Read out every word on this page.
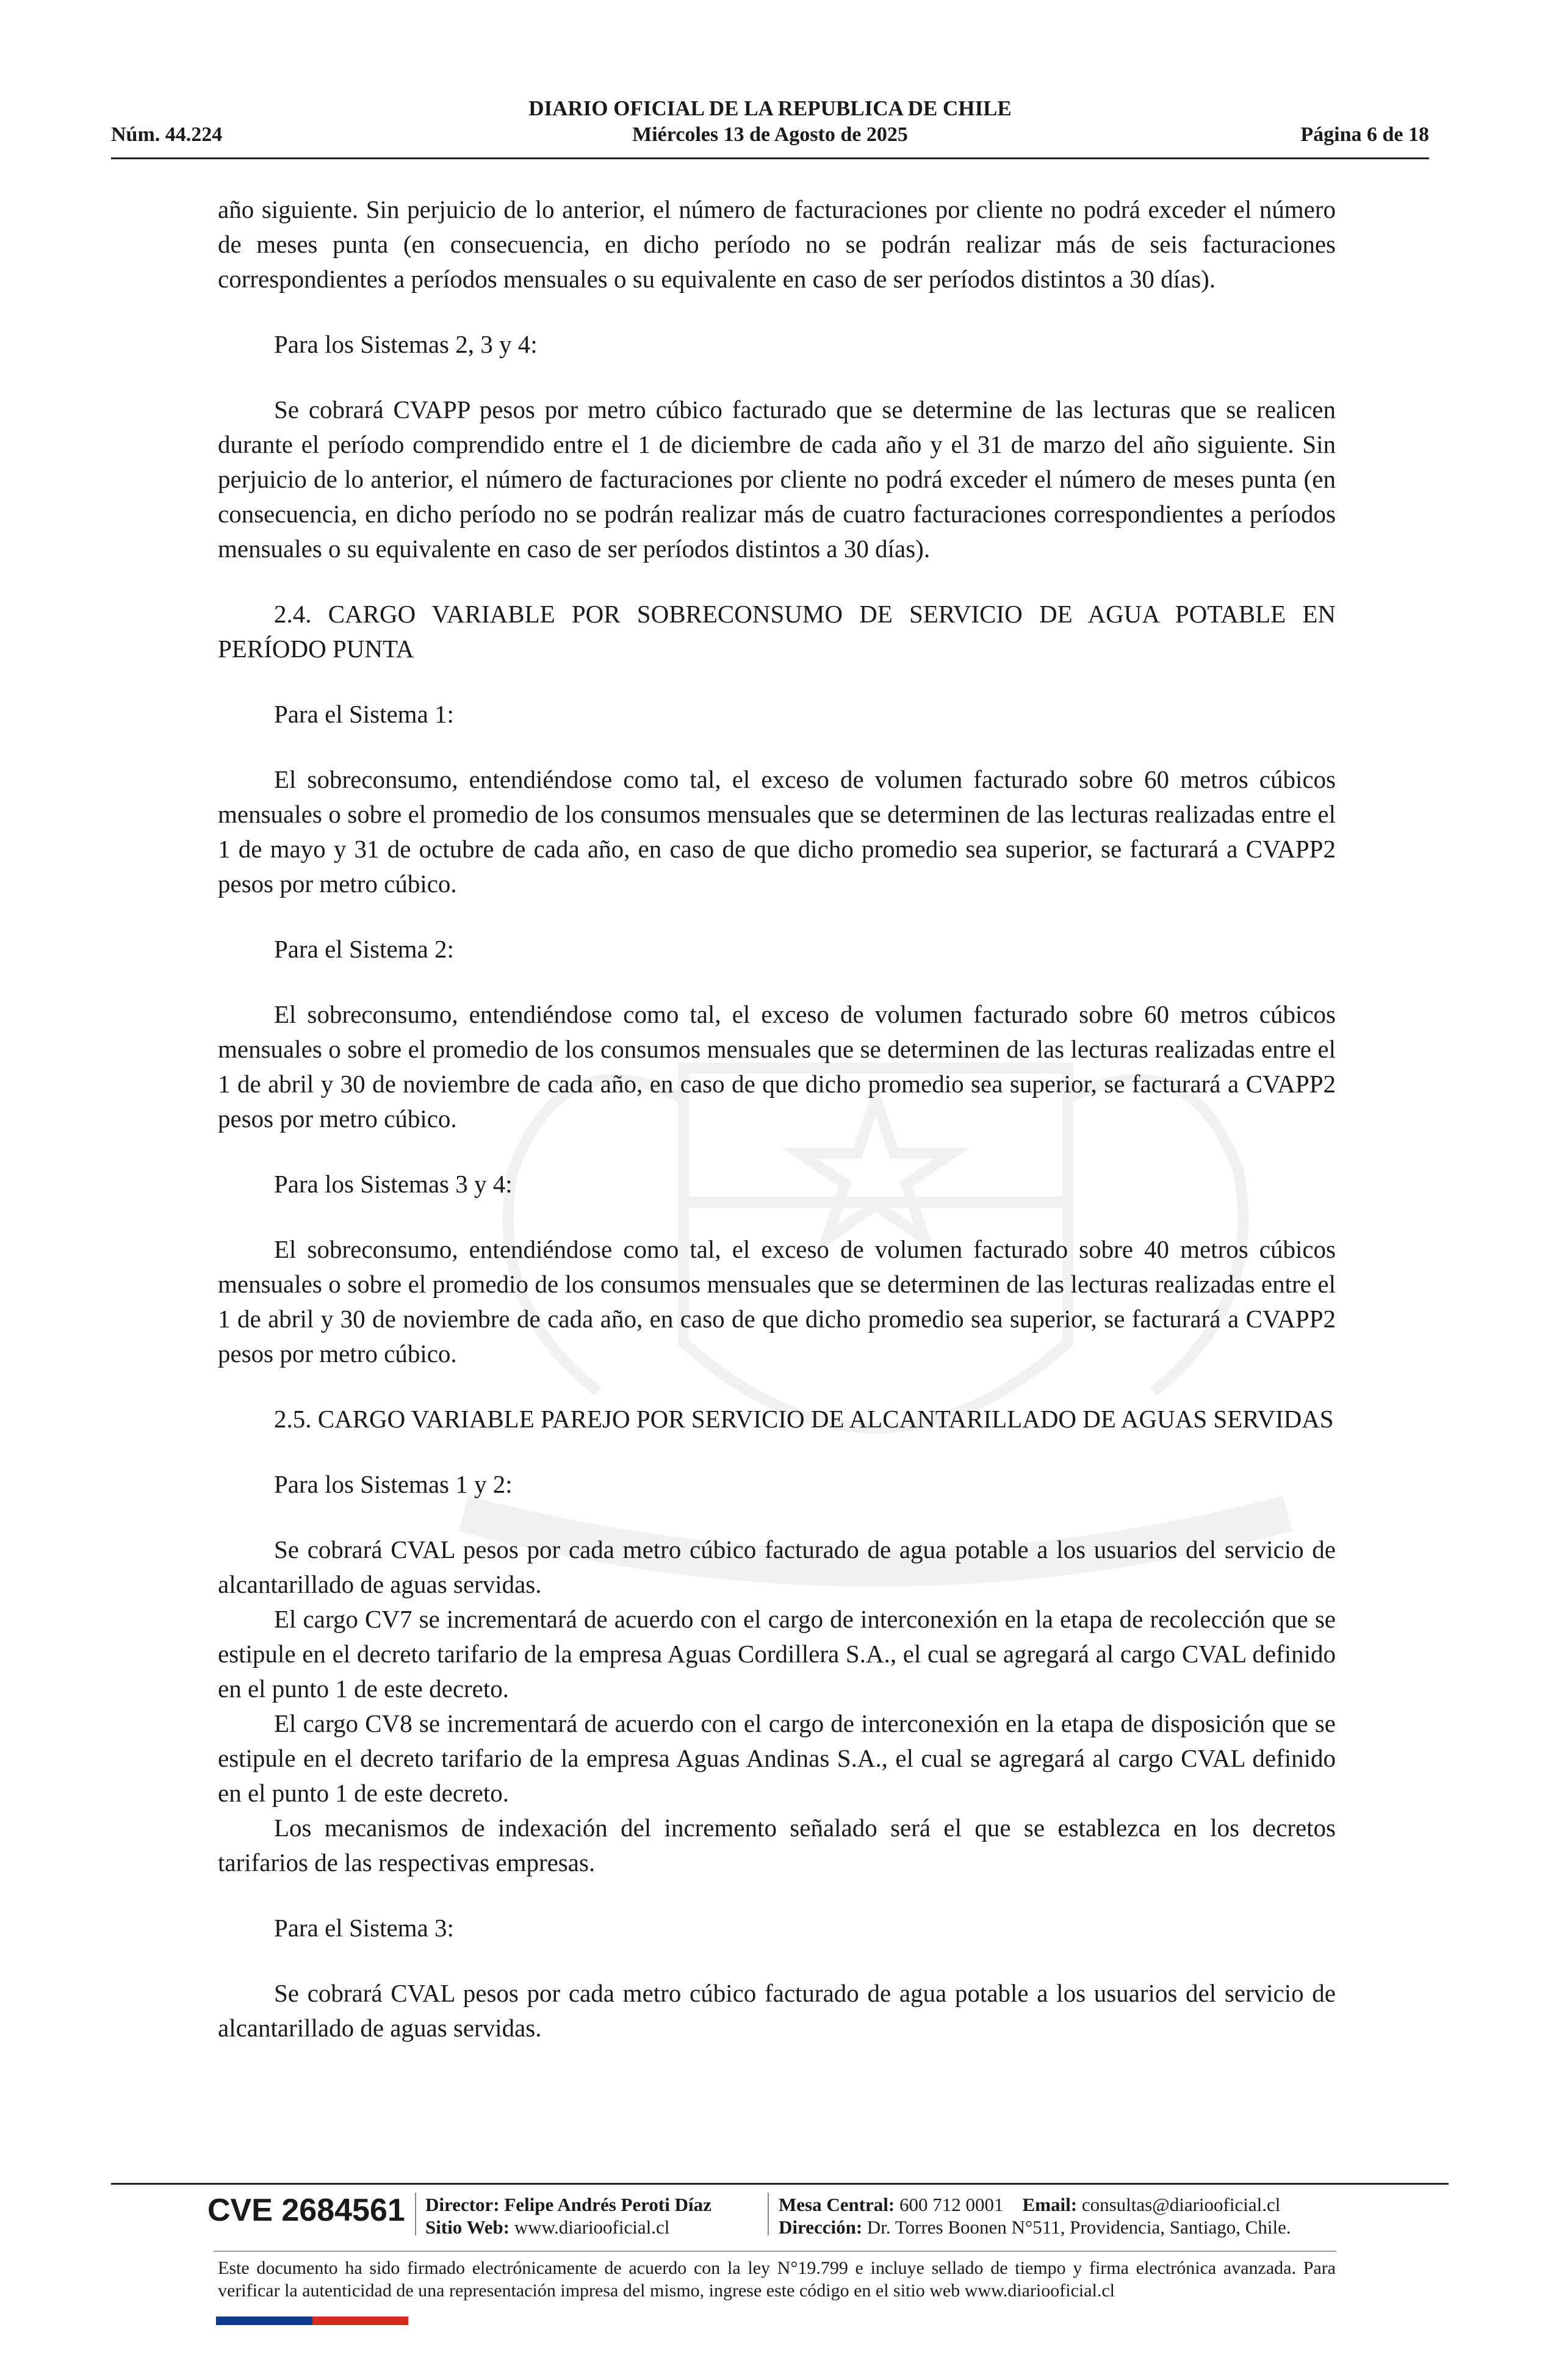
DIARIO OFICIAL DE LA REPUBLICA DE CHILE
Núm. 44.224	Miércoles 13 de Agosto de 2025	Página 6 de 18

año siguiente. Sin perjuicio de lo anterior, el número de facturaciones por cliente no podrá exceder el número de meses punta (en consecuencia, en dicho período no se podrán realizar más de seis facturaciones correspondientes a períodos mensuales o su equivalente en caso de ser períodos distintos a 30 días).

Para los Sistemas 2, 3 y 4:

Se cobrará CVAPP pesos por metro cúbico facturado que se determine de las lecturas que se realicen durante el período comprendido entre el 1 de diciembre de cada año y el 31 de marzo del año siguiente. Sin perjuicio de lo anterior, el número de facturaciones por cliente no podrá exceder el número de meses punta (en consecuencia, en dicho período no se podrán realizar más de cuatro facturaciones correspondientes a períodos mensuales o su equivalente en caso de ser períodos distintos a 30 días).

2.4. CARGO VARIABLE POR SOBRECONSUMO DE SERVICIO DE AGUA POTABLE EN PERÍODO PUNTA

Para el Sistema 1:

El sobreconsumo, entendiéndose como tal, el exceso de volumen facturado sobre 60 metros cúbicos mensuales o sobre el promedio de los consumos mensuales que se determinen de las lecturas realizadas entre el 1 de mayo y 31 de octubre de cada año, en caso de que dicho promedio sea superior, se facturará a CVAPP2 pesos por metro cúbico.

Para el Sistema 2:

El sobreconsumo, entendiéndose como tal, el exceso de volumen facturado sobre 60 metros cúbicos mensuales o sobre el promedio de los consumos mensuales que se determinen de las lecturas realizadas entre el 1 de abril y 30 de noviembre de cada año, en caso de que dicho promedio sea superior, se facturará a CVAPP2 pesos por metro cúbico.

Para los Sistemas 3 y 4:

El sobreconsumo, entendiéndose como tal, el exceso de volumen facturado sobre 40 metros cúbicos mensuales o sobre el promedio de los consumos mensuales que se determinen de las lecturas realizadas entre el 1 de abril y 30 de noviembre de cada año, en caso de que dicho promedio sea superior, se facturará a CVAPP2 pesos por metro cúbico.

2.5. CARGO VARIABLE PAREJO POR SERVICIO DE ALCANTARILLADO DE AGUAS SERVIDAS

Para los Sistemas 1 y 2:

Se cobrará CVAL pesos por cada metro cúbico facturado de agua potable a los usuarios del servicio de alcantarillado de aguas servidas.

El cargo CV7 se incrementará de acuerdo con el cargo de interconexión en la etapa de recolección que se estipule en el decreto tarifario de la empresa Aguas Cordillera S.A., el cual se agregará al cargo CVAL definido en el punto 1 de este decreto.

El cargo CV8 se incrementará de acuerdo con el cargo de interconexión en la etapa de disposición que se estipule en el decreto tarifario de la empresa Aguas Andinas S.A., el cual se agregará al cargo CVAL definido en el punto 1 de este decreto.

Los mecanismos de indexación del incremento señalado será el que se establezca en los decretos tarifarios de las respectivas empresas.

Para el Sistema 3:

Se cobrará CVAL pesos por cada metro cúbico facturado de agua potable a los usuarios del servicio de alcantarillado de aguas servidas.

CVE 2684561 Director: Felipe Andrés Peroti Díaz
Sitio Web: www.diariooficial.cl
Mesa Central: 600 712 0001 Email: consultas@diariooficial.cl
Dirección: Dr. Torres Boonen N°511, Providencia, Santiago, Chile.
Este documento ha sido firmado electrónicamente de acuerdo con la ley N°19.799 e incluye sellado de tiempo y firma electrónica avanzada. Para verificar la autenticidad de una representación impresa del mismo, ingrese este código en el sitio web www.diariooficial.cl
